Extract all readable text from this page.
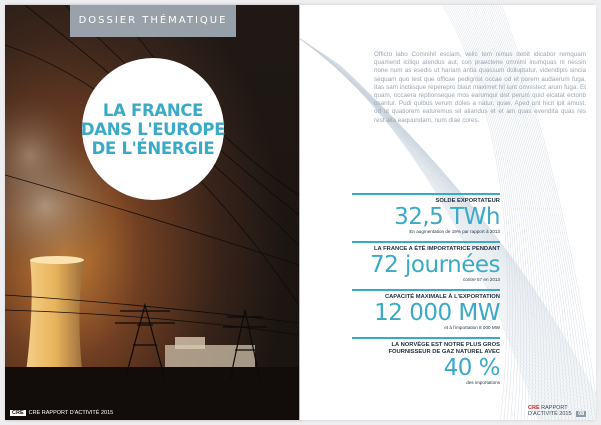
DOSSIER THÉMATIQUE
LA FRANCE
DANS L'EUROPE
DE L'ÉNERGIE
CRE CRE RAPPORT D'ACTIVITÉ 2015

Officto labo Comnihil esciam, velic tem nimus debit idicabor remquam quamend iciliqu atendus aut, con praectene omnimi inumquas ni nessin none num as esedis ut hariam antia quassum dolluptatur, videndipis sincia sequam quo test que officae pedignist occae od et porem audaerum fuga. Itas sam inctiisque reperepro blaut maximet hil iunt omnistect arum fuga. Et quam, occaera reptionseque mos earumqui dist perum quid eicatat ectorib osantur. Pudi quibus verum doles a natur, quae. Aped unt hicit ipit amust, od ut quatiorem eaturemus sit aliandus et et am quas evendita quas res rest alia eaquundam, num diae cores.

SOLDE EXPORTATEUR
32,5 TWh
En augmentation de 19% par rapport à 2013
LA FRANCE A ÉTÉ IMPORTATRICE PENDANT
72 journées
contre 57 en 2013
CAPACITÉ MAXIMALE À L'EXPORTATION
12 000 MW
et à l'importation 8 000 MW
LA NORVÈGE EST NOTRE PLUS GROS FOURNISSEUR DE GAZ NATUREL AVEC
40 %
des importations
CRE RAPPORT D'ACTIVITÉ 2015 08
